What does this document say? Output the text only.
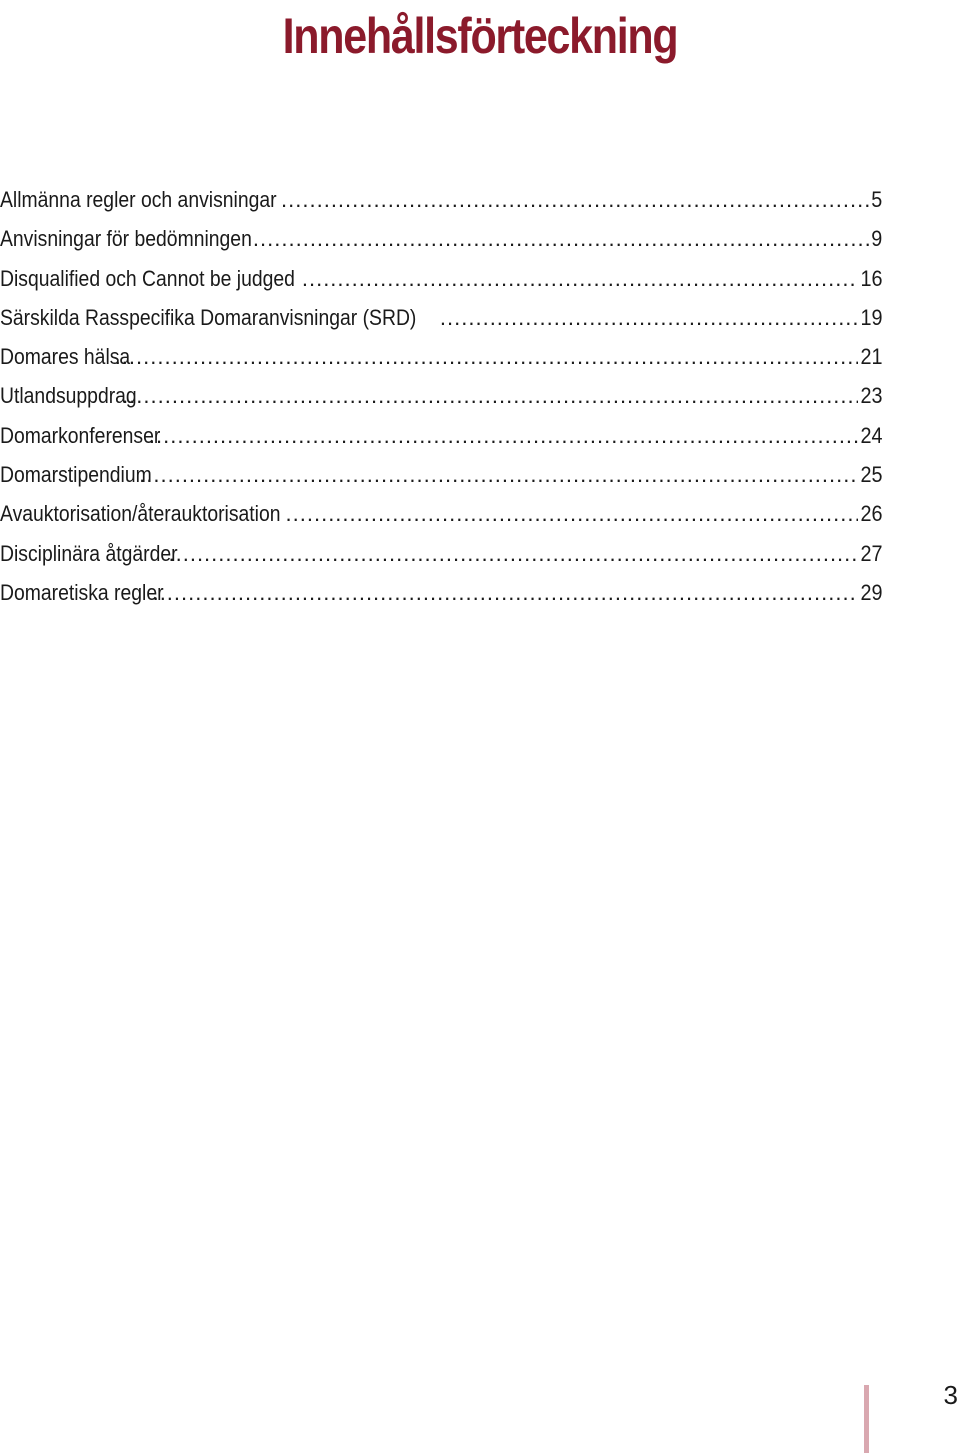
Innehållsförteckning
Allmänna regler och anvisningar .....	5
Anvisningar för bedömningen .....	9
Disqualified och Cannot be judged .....	16
Särskilda Rasspecifika Domaranvisningar (SRD) .....	19
Domares hälsa .....	21
Utlandsuppdrag .....	23
Domarkonferenser .....	24
Domarstipendium .....	25
Avauktorisation/återauktorisation .....	26
Disciplinära åtgärder .....	27
Domaretiska regler .....	29
3
